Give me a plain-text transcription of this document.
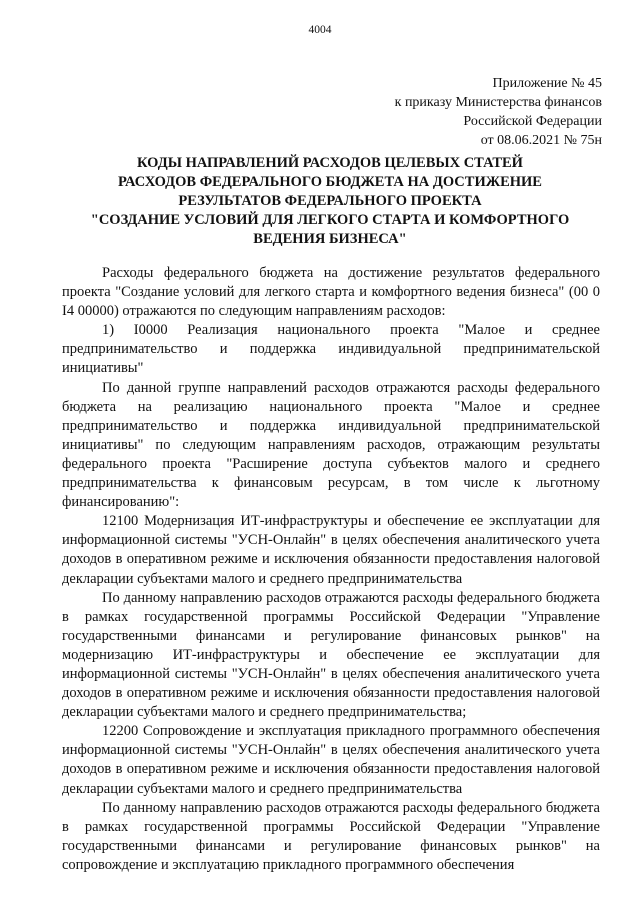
4004
Приложение № 45
к приказу Министерства финансов
Российской Федерации
от 08.06.2021 № 75н
КОДЫ НАПРАВЛЕНИЙ РАСХОДОВ ЦЕЛЕВЫХ СТАТЕЙ
РАСХОДОВ ФЕДЕРАЛЬНОГО БЮДЖЕТА НА ДОСТИЖЕНИЕ
РЕЗУЛЬТАТОВ ФЕДЕРАЛЬНОГО ПРОЕКТА
"СОЗДАНИЕ УСЛОВИЙ ДЛЯ ЛЕГКОГО СТАРТА И КОМФОРТНОГО
ВЕДЕНИЯ БИЗНЕСА"

Расходы федерального бюджета на достижение результатов федерального проекта "Создание условий для легкого старта и комфортного ведения бизнеса" (00 0 I4 00000) отражаются по следующим направлениям расходов:

1) I0000 Реализация национального проекта "Малое и среднее предпринимательство и поддержка индивидуальной предпринимательской инициативы"

По данной группе направлений расходов отражаются расходы федерального бюджета на реализацию национального проекта "Малое и среднее предпринимательство и поддержка индивидуальной предпринимательской инициативы" по следующим направлениям расходов, отражающим результаты федерального проекта "Расширение доступа субъектов малого и среднего предпринимательства к финансовым ресурсам, в том числе к льготному финансированию":

12100 Модернизация ИТ-инфраструктуры и обеспечение ее эксплуатации для информационной системы "УСН-Онлайн" в целях обеспечения аналитического учета доходов в оперативном режиме и исключения обязанности предоставления налоговой декларации субъектами малого и среднего предпринимательства

По данному направлению расходов отражаются расходы федерального бюджета в рамках государственной программы Российской Федерации "Управление государственными финансами и регулирование финансовых рынков" на модернизацию ИТ-инфраструктуры и обеспечение ее эксплуатации для информационной системы "УСН-Онлайн" в целях обеспечения аналитического учета доходов в оперативном режиме и исключения обязанности предоставления налоговой декларации субъектами малого и среднего предпринимательства;

12200 Сопровождение и эксплуатация прикладного программного обеспечения информационной системы "УСН-Онлайн" в целях обеспечения аналитического учета доходов в оперативном режиме и исключения обязанности предоставления налоговой декларации субъектами малого и среднего предпринимательства

По данному направлению расходов отражаются расходы федерального бюджета в рамках государственной программы Российской Федерации "Управление государственными финансами и регулирование финансовых рынков" на сопровождение и эксплуатацию прикладного программного обеспечения
